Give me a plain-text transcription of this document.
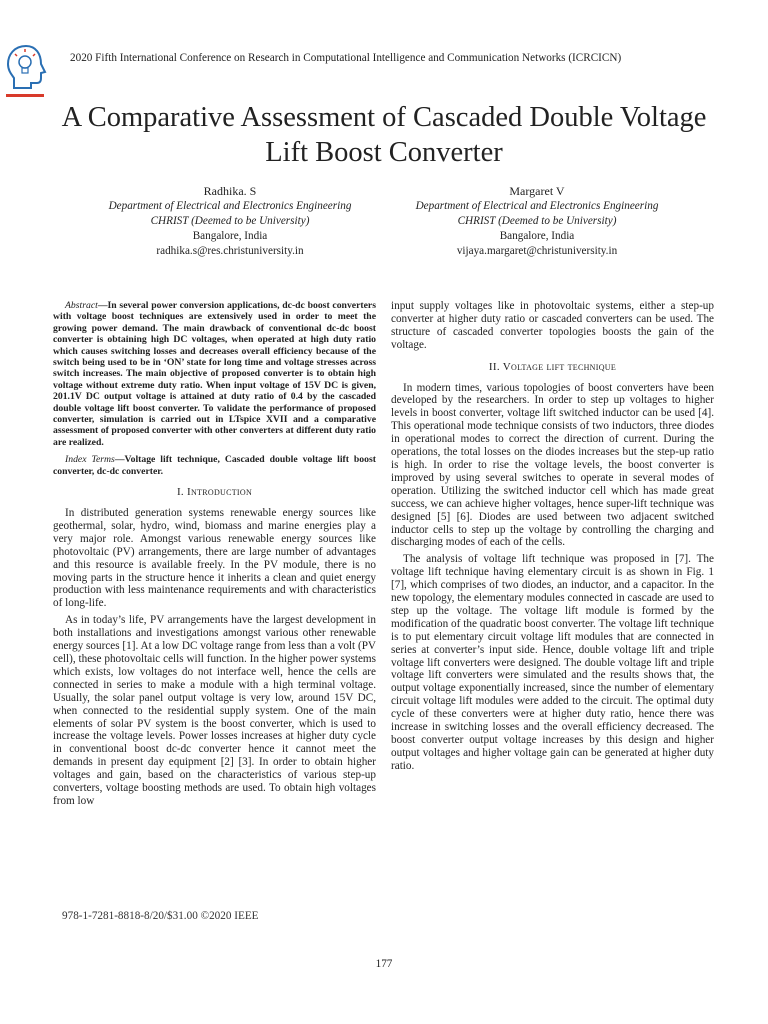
2020 Fifth International Conference on Research in Computational Intelligence and Communication Networks (ICRCICN)
A Comparative Assessment of Cascaded Double Voltage Lift Boost Converter
Radhika. S
Department of Electrical and Electronics Engineering
CHRIST (Deemed to be University)
Bangalore, India
radhika.s@res.christuniversity.in
Margaret V
Department of Electrical and Electronics Engineering
CHRIST (Deemed to be University)
Bangalore, India
vijaya.margaret@christuniversity.in

Abstract—In several power conversion applications, dc-dc boost converters with voltage boost techniques are extensively used in order to meet the growing power demand. The main drawback of conventional dc-dc boost converter is obtaining high DC voltages, when operated at high duty ratio which causes switching losses and decreases overall efficiency because of the switch being used to be in ‘ON’ state for long time and voltage stresses across switch increases. The main objective of proposed converter is to obtain high voltage without extreme duty ratio. When input voltage of 15V DC is given, 201.1V DC output voltage is attained at duty ratio of 0.4 by the cascaded double voltage lift boost converter. To validate the performance of proposed converter, simulation is carried out in LTspice XVII and a comparative assessment of proposed converter with other converters at different duty ratio are realized.

Index Terms—Voltage lift technique, Cascaded double voltage lift boost converter, dc-dc converter.

I. Introduction

In distributed generation systems renewable energy sources like geothermal, solar, hydro, wind, biomass and marine energies play a very major role. Amongst various renewable energy sources like photovoltaic (PV) arrangements, there are large number of advantages and this resource is available freely. In the PV module, there is no moving parts in the structure hence it inherits a clean and quiet energy production with less maintenance requirements and with characteristics of long-life.

As in today’s life, PV arrangements have the largest development in both installations and investigations amongst various other renewable energy sources [1]. At a low DC voltage range from less than a volt (PV cell), these photovoltaic cells will function. In the higher power systems which exists, low voltages do not interface well, hence the cells are connected in series to make a module with a high terminal voltage. Usually, the solar panel output voltage is very low, around 15V DC, when connected to the residential supply system. One of the main elements of solar PV system is the boost converter, which is used to increase the voltage levels. Power losses increases at higher duty cycle in conventional boost dc-dc converter hence it cannot meet the demands in present day equipment [2] [3]. In order to obtain higher voltages and gain, based on the characteristics of various step-up converters, voltage boosting methods are used. To obtain high voltages from low

input supply voltages like in photovoltaic systems, either a step-up converter at higher duty ratio or cascaded converters can be used. The structure of cascaded converter topologies boosts the gain of the voltage.

II. Voltage lift technique

In modern times, various topologies of boost converters have been developed by the researchers. In order to step up voltages to higher levels in boost converter, voltage lift switched inductor can be used [4]. This operational mode technique consists of two inductors, three diodes in operational modes to correct the direction of current. During the operations, the total losses on the diodes increases but the step-up ratio is high. In order to rise the voltage levels, the boost converter is improved by using several switches to operate in several modes of operation. Utilizing the switched inductor cell which has made great success, we can achieve higher voltages, hence super-lift technique was designed [5] [6]. Diodes are used between two adjacent switched inductor cells to step up the voltage by controlling the charging and discharging modes of each of the cells.

The analysis of voltage lift technique was proposed in [7]. The voltage lift technique having elementary circuit is as shown in Fig. 1 [7], which comprises of two diodes, an inductor, and a capacitor. In the new topology, the elementary modules connected in cascade are used to step up the voltage. The voltage lift module is formed by the modification of the quadratic boost converter. The voltage lift technique is to put elementary circuit voltage lift modules that are connected in series at converter’s input side. Hence, double voltage lift and triple voltage lift converters were designed. The double voltage lift and triple voltage lift converters were simulated and the results shows that, the output voltage exponentially increased, since the number of elementary circuit voltage lift modules were added to the circuit. The optimal duty cycle of these converters were at higher duty ratio, hence there was increase in switching losses and the overall efficiency decreased. The boost converter output voltage increases by this design and higher output voltages and higher voltage gain can be generated at higher duty ratio.

978-1-7281-8818-8/20/$31.00 ©2020 IEEE
177
